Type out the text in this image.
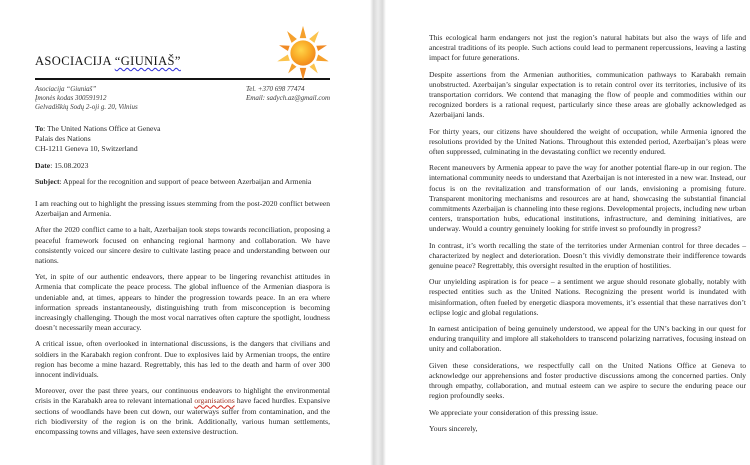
ASOCIACIJA “GIUNIAŠ”
Asociacija “Giuniaš”
Įmonės kodas 300591912
Gelvadiškių Sodų 2-oji g. 20, Vilnius
Tel. +370 698 77474
Email: sadych.az@gmail.com

To: The United Nations Office at Geneva
Palais des Nations
CH-1211 Geneva 10, Switzerland

Date: 15.08.2023

Subject: Appeal for the recognition and support of peace between Azerbaijan and Armenia

I am reaching out to highlight the pressing issues stemming from the post-2020 conflict between Azerbaijan and Armenia.

After the 2020 conflict came to a halt, Azerbaijan took steps towards reconciliation, proposing a peaceful framework focused on enhancing regional harmony and collaboration. We have consistently voiced our sincere desire to cultivate lasting peace and understanding between our nations.

Yet, in spite of our authentic endeavors, there appear to be lingering revanchist attitudes in Armenia that complicate the peace process. The global influence of the Armenian diaspora is undeniable and, at times, appears to hinder the progression towards peace. In an era where information spreads instantaneously, distinguishing truth from misconception is becoming increasingly challenging. Though the most vocal narratives often capture the spotlight, loudness doesn’t necessarily mean accuracy.

A critical issue, often overlooked in international discussions, is the dangers that civilians and soldiers in the Karabakh region confront. Due to explosives laid by Armenian troops, the entire region has become a mine hazard. Regrettably, this has led to the death and harm of over 300 innocent individuals.

Moreover, over the past three years, our continuous endeavors to highlight the environmental crisis in the Karabakh area to relevant international organisations have faced hurdles. Expansive sections of woodlands have been cut down, our waterways suffer from contamination, and the rich biodiversity of the region is on the brink. Additionally, various human settlements, encompassing towns and villages, have seen extensive destruction.

This ecological harm endangers not just the region’s natural habitats but also the ways of life and ancestral traditions of its people. Such actions could lead to permanent repercussions, leaving a lasting impact for future generations.

Despite assertions from the Armenian authorities, communication pathways to Karabakh remain unobstructed. Azerbaijan’s singular expectation is to retain control over its territories, inclusive of its transportation corridors. We contend that managing the flow of people and commodities within our recognized borders is a rational request, particularly since these areas are globally acknowledged as Azerbaijani lands.

For thirty years, our citizens have shouldered the weight of occupation, while Armenia ignored the resolutions provided by the United Nations. Throughout this extended period, Azerbaijan’s pleas were often suppressed, culminating in the devastating conflict we recently endured.

Recent maneuvers by Armenia appear to pave the way for another potential flare-up in our region. The international community needs to understand that Azerbaijan is not interested in a new war. Instead, our focus is on the revitalization and transformation of our lands, envisioning a promising future. Transparent monitoring mechanisms and resources are at hand, showcasing the substantial financial commitments Azerbaijan is channeling into these regions. Developmental projects, including new urban centers, transportation hubs, educational institutions, infrastructure, and demining initiatives, are underway. Would a country genuinely looking for strife invest so profoundly in progress?

In contrast, it’s worth recalling the state of the territories under Armenian control for three decades – characterized by neglect and deterioration. Doesn’t this vividly demonstrate their indifference towards genuine peace? Regrettably, this oversight resulted in the eruption of hostilities.

Our unyielding aspiration is for peace – a sentiment we argue should resonate globally, notably with respected entities such as the United Nations. Recognizing the present world is inundated with misinformation, often fueled by energetic diaspora movements, it’s essential that these narratives don’t eclipse logic and global regulations.

In earnest anticipation of being genuinely understood, we appeal for the UN’s backing in our quest for enduring tranquility and implore all stakeholders to transcend polarizing narratives, focusing instead on unity and collaboration.

Given these considerations, we respectfully call on the United Nations Office at Geneva to acknowledge our apprehensions and foster productive discussions among the concerned parties. Only through empathy, collaboration, and mutual esteem can we aspire to secure the enduring peace our region profoundly seeks.

We appreciate your consideration of this pressing issue.

Yours sincerely,
